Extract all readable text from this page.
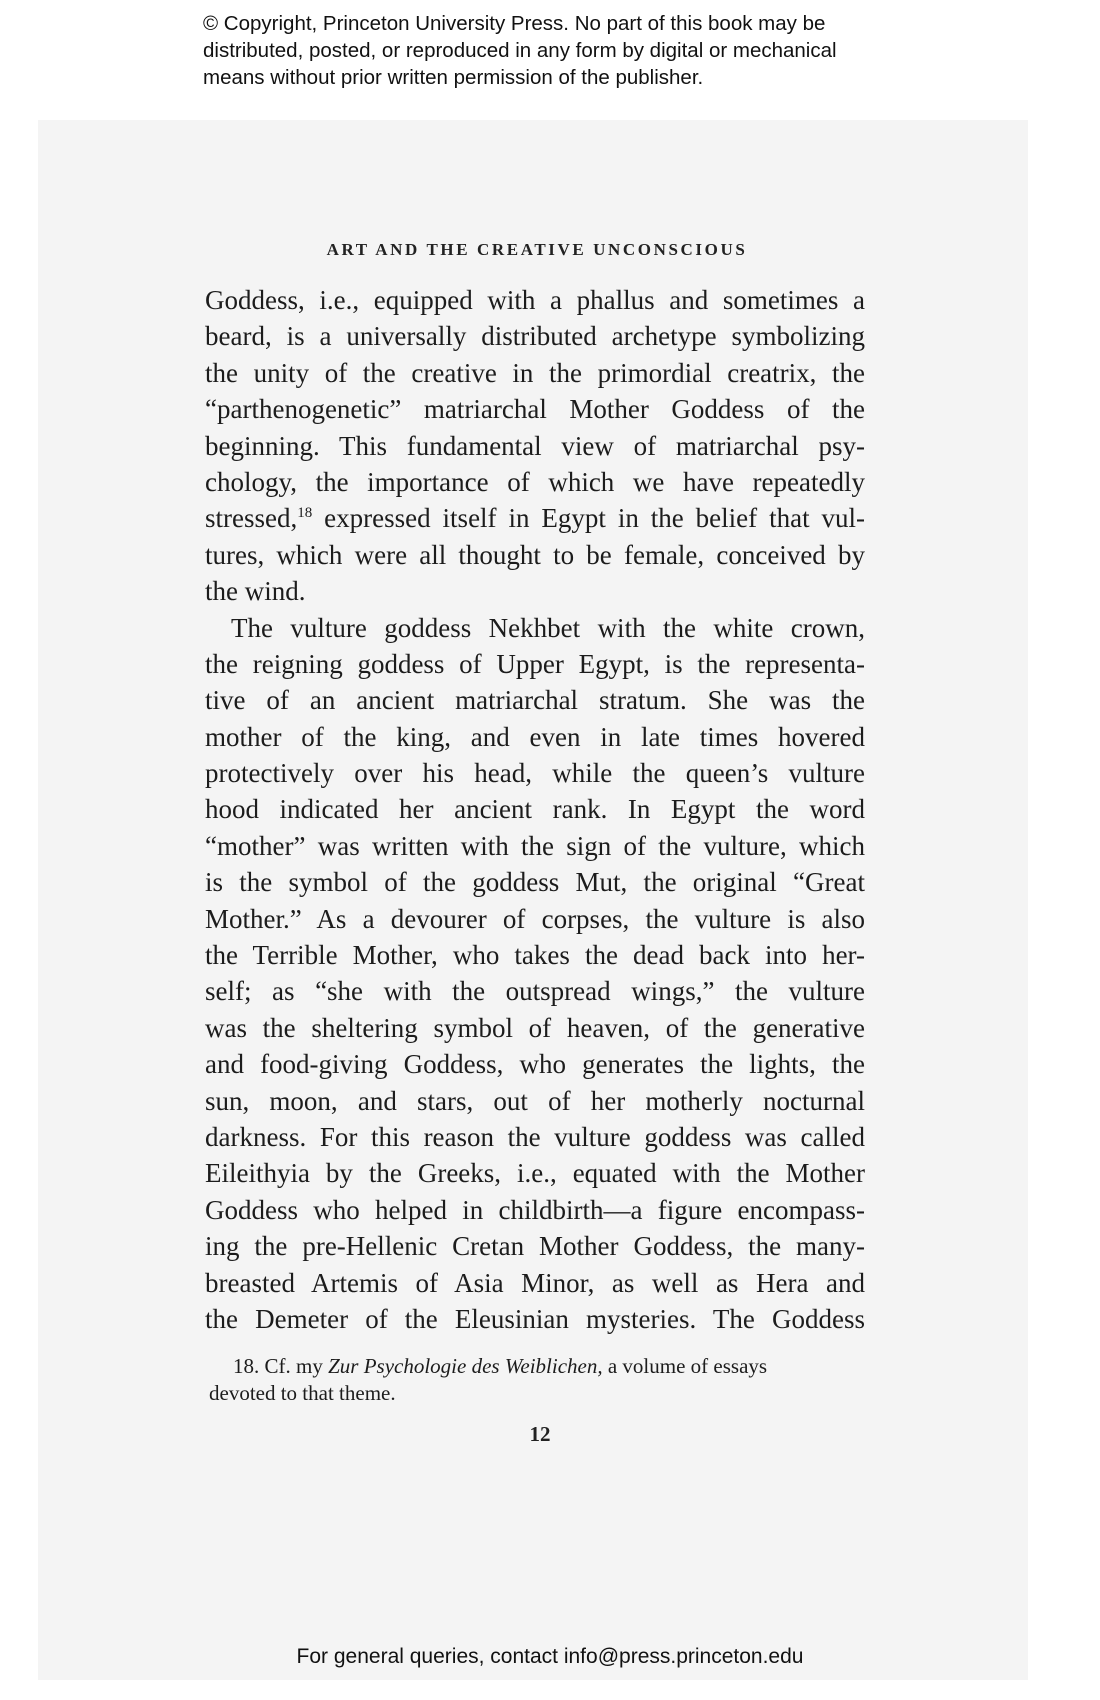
© Copyright, Princeton University Press. No part of this book may be
distributed, posted, or reproduced in any form by digital or mechanical
means without prior written permission of the publisher.
ART AND THE CREATIVE UNCONSCIOUS
Goddess, i.e., equipped with a phallus and sometimes a
beard, is a universally distributed archetype symbolizing
the unity of the creative in the primordial creatrix, the
“parthenogenetic” matriarchal Mother Goddess of the
beginning. This fundamental view of matriarchal psy-
chology, the importance of which we have repeatedly
stressed,$^{18}$ expressed itself in Egypt in the belief that vul-
tures, which were all thought to be female, conceived by
the wind.
The vulture goddess Nekhbet with the white crown,
the reigning goddess of Upper Egypt, is the representa-
tive of an ancient matriarchal stratum. She was the
mother of the king, and even in late times hovered
protectively over his head, while the queen’s vulture
hood indicated her ancient rank. In Egypt the word
“mother” was written with the sign of the vulture, which
is the symbol of the goddess Mut, the original “Great
Mother.” As a devourer of corpses, the vulture is also
the Terrible Mother, who takes the dead back into her-
self; as “she with the outspread wings,” the vulture
was the sheltering symbol of heaven, of the generative
and food-giving Goddess, who generates the lights, the
sun, moon, and stars, out of her motherly nocturnal
darkness. For this reason the vulture goddess was called
Eileithyia by the Greeks, i.e., equated with the Mother
Goddess who helped in childbirth—a figure encompass-
ing the pre-Hellenic Cretan Mother Goddess, the many-
breasted Artemis of Asia Minor, as well as Hera and
the Demeter of the Eleusinian mysteries. The Goddess
18. Cf. my Zur Psychologie des Weiblichen, a volume of essays
devoted to that theme.
12
For general queries, contact info@press.princeton.edu
